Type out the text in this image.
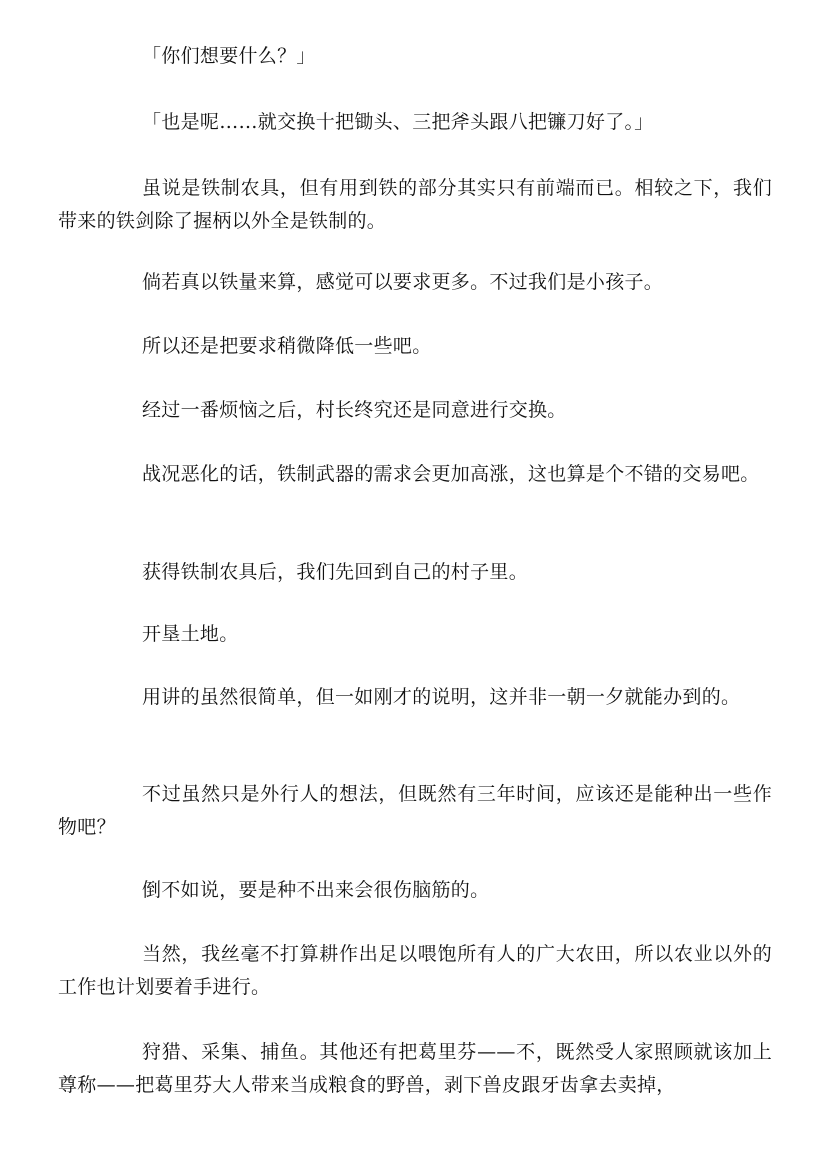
「你们想要什么？」

「也是呢……就交换十把锄头、三把斧头跟八把镰刀好了。」

虽说是铁制农具，但有用到铁的部分其实只有前端而已。相较之下，我们带来的铁剑除了握柄以外全是铁制的。

倘若真以铁量来算，感觉可以要求更多。不过我们是小孩子。

所以还是把要求稍微降低一些吧。

经过一番烦恼之后，村长终究还是同意进行交换。

战况恶化的话，铁制武器的需求会更加高涨，这也算是个不错的交易吧。

获得铁制农具后，我们先回到自己的村子里。

开垦土地。

用讲的虽然很简单，但一如刚才的说明，这并非一朝一夕就能办到的。

不过虽然只是外行人的想法，但既然有三年时间，应该还是能种出一些作物吧？

倒不如说，要是种不出来会很伤脑筋的。

当然，我丝毫不打算耕作出足以喂饱所有人的广大农田，所以农业以外的工作也计划要着手进行。

狩猎、采集、捕鱼。其他还有把葛里芬——不，既然受人家照顾就该加上尊称——把葛里芬大人带来当成粮食的野兽，剥下兽皮跟牙齿拿去卖掉，
